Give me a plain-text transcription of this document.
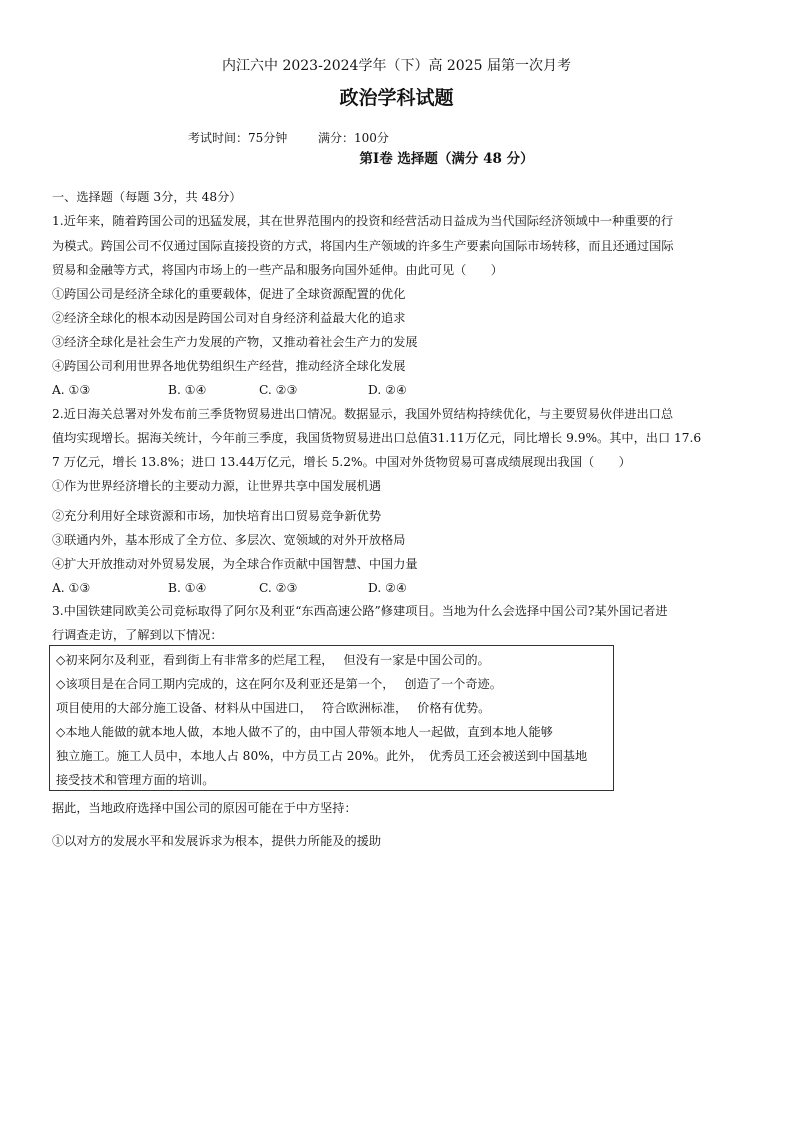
内江六中 2023-2024学年（下）高 2025 届第一次月考
政治学科试题
考试时间：75分钟	满分：100分
第Ⅰ卷 选择题（满分 48 分）
一、选择题（每题 3分，共 48分）
1.近年来，随着跨国公司的迅猛发展，其在世界范围内的投资和经营活动日益成为当代国际经济领域中一种重要的行
为模式。跨国公司不仅通过国际直接投资的方式，将国内生产领域的许多生产要素向国际市场转移，而且还通过国际
贸易和金融等方式，将国内市场上的一些产品和服务向国外延伸。由此可见（　　）
①跨国公司是经济全球化的重要载体，促进了全球资源配置的优化
②经济全球化的根本动因是跨国公司对自身经济利益最大化的追求
③经济全球化是社会生产力发展的产物，又推动着社会生产力的发展
④跨国公司利用世界各地优势组织生产经营，推动经济全球化发展
A. ①③	B. ①④	C. ②③	D. ②④
2.近日海关总署对外发布前三季货物贸易进出口情况。数据显示，我国外贸结构持续优化，与主要贸易伙伴进出口总
值均实现增长。据海关统计，今年前三季度，我国货物贸易进出口总值31.11万亿元，同比增长 9.9%。其中，出口 17.6
7 万亿元，增长 13.8%；进口 13.44万亿元，增长 5.2%。中国对外货物贸易可喜成绩展现出我国（　　）
①作为世界经济增长的主要动力源，让世界共享中国发展机遇
②充分利用好全球资源和市场，加快培育出口贸易竞争新优势
③联通内外，基本形成了全方位、多层次、宽领域的对外开放格局
④扩大开放推动对外贸易发展，为全球合作贡献中国智慧、中国力量
A. ①③	B. ①④	C. ②③	D. ②④
3.中国铁建同欧美公司竞标取得了阿尔及利亚“东西高速公路”修建项目。当地为什么会选择中国公司?某外国记者进
行调查走访，了解到以下情况：
◇初来阿尔及利亚，看到街上有非常多的烂尾工程，　 但没有一家是中国公司的。
◇该项目是在合同工期内完成的，这在阿尔及利亚还是第一个，　 创造了一个奇迹。
项目使用的大部分施工设备、材料从中国进口，　 符合欧洲标准，　 价格有优势。
◇本地人能做的就本地人做，本地人做不了的，由中国人带领本地人一起做，直到本地人能够
独立施工。施工人员中，本地人占 80%，中方员工占 20%。此外，　优秀员工还会被送到中国基地
接受技术和管理方面的培训。
据此，当地政府选择中国公司的原因可能在于中方坚持：
①以对方的发展水平和发展诉求为根本，提供力所能及的援助
